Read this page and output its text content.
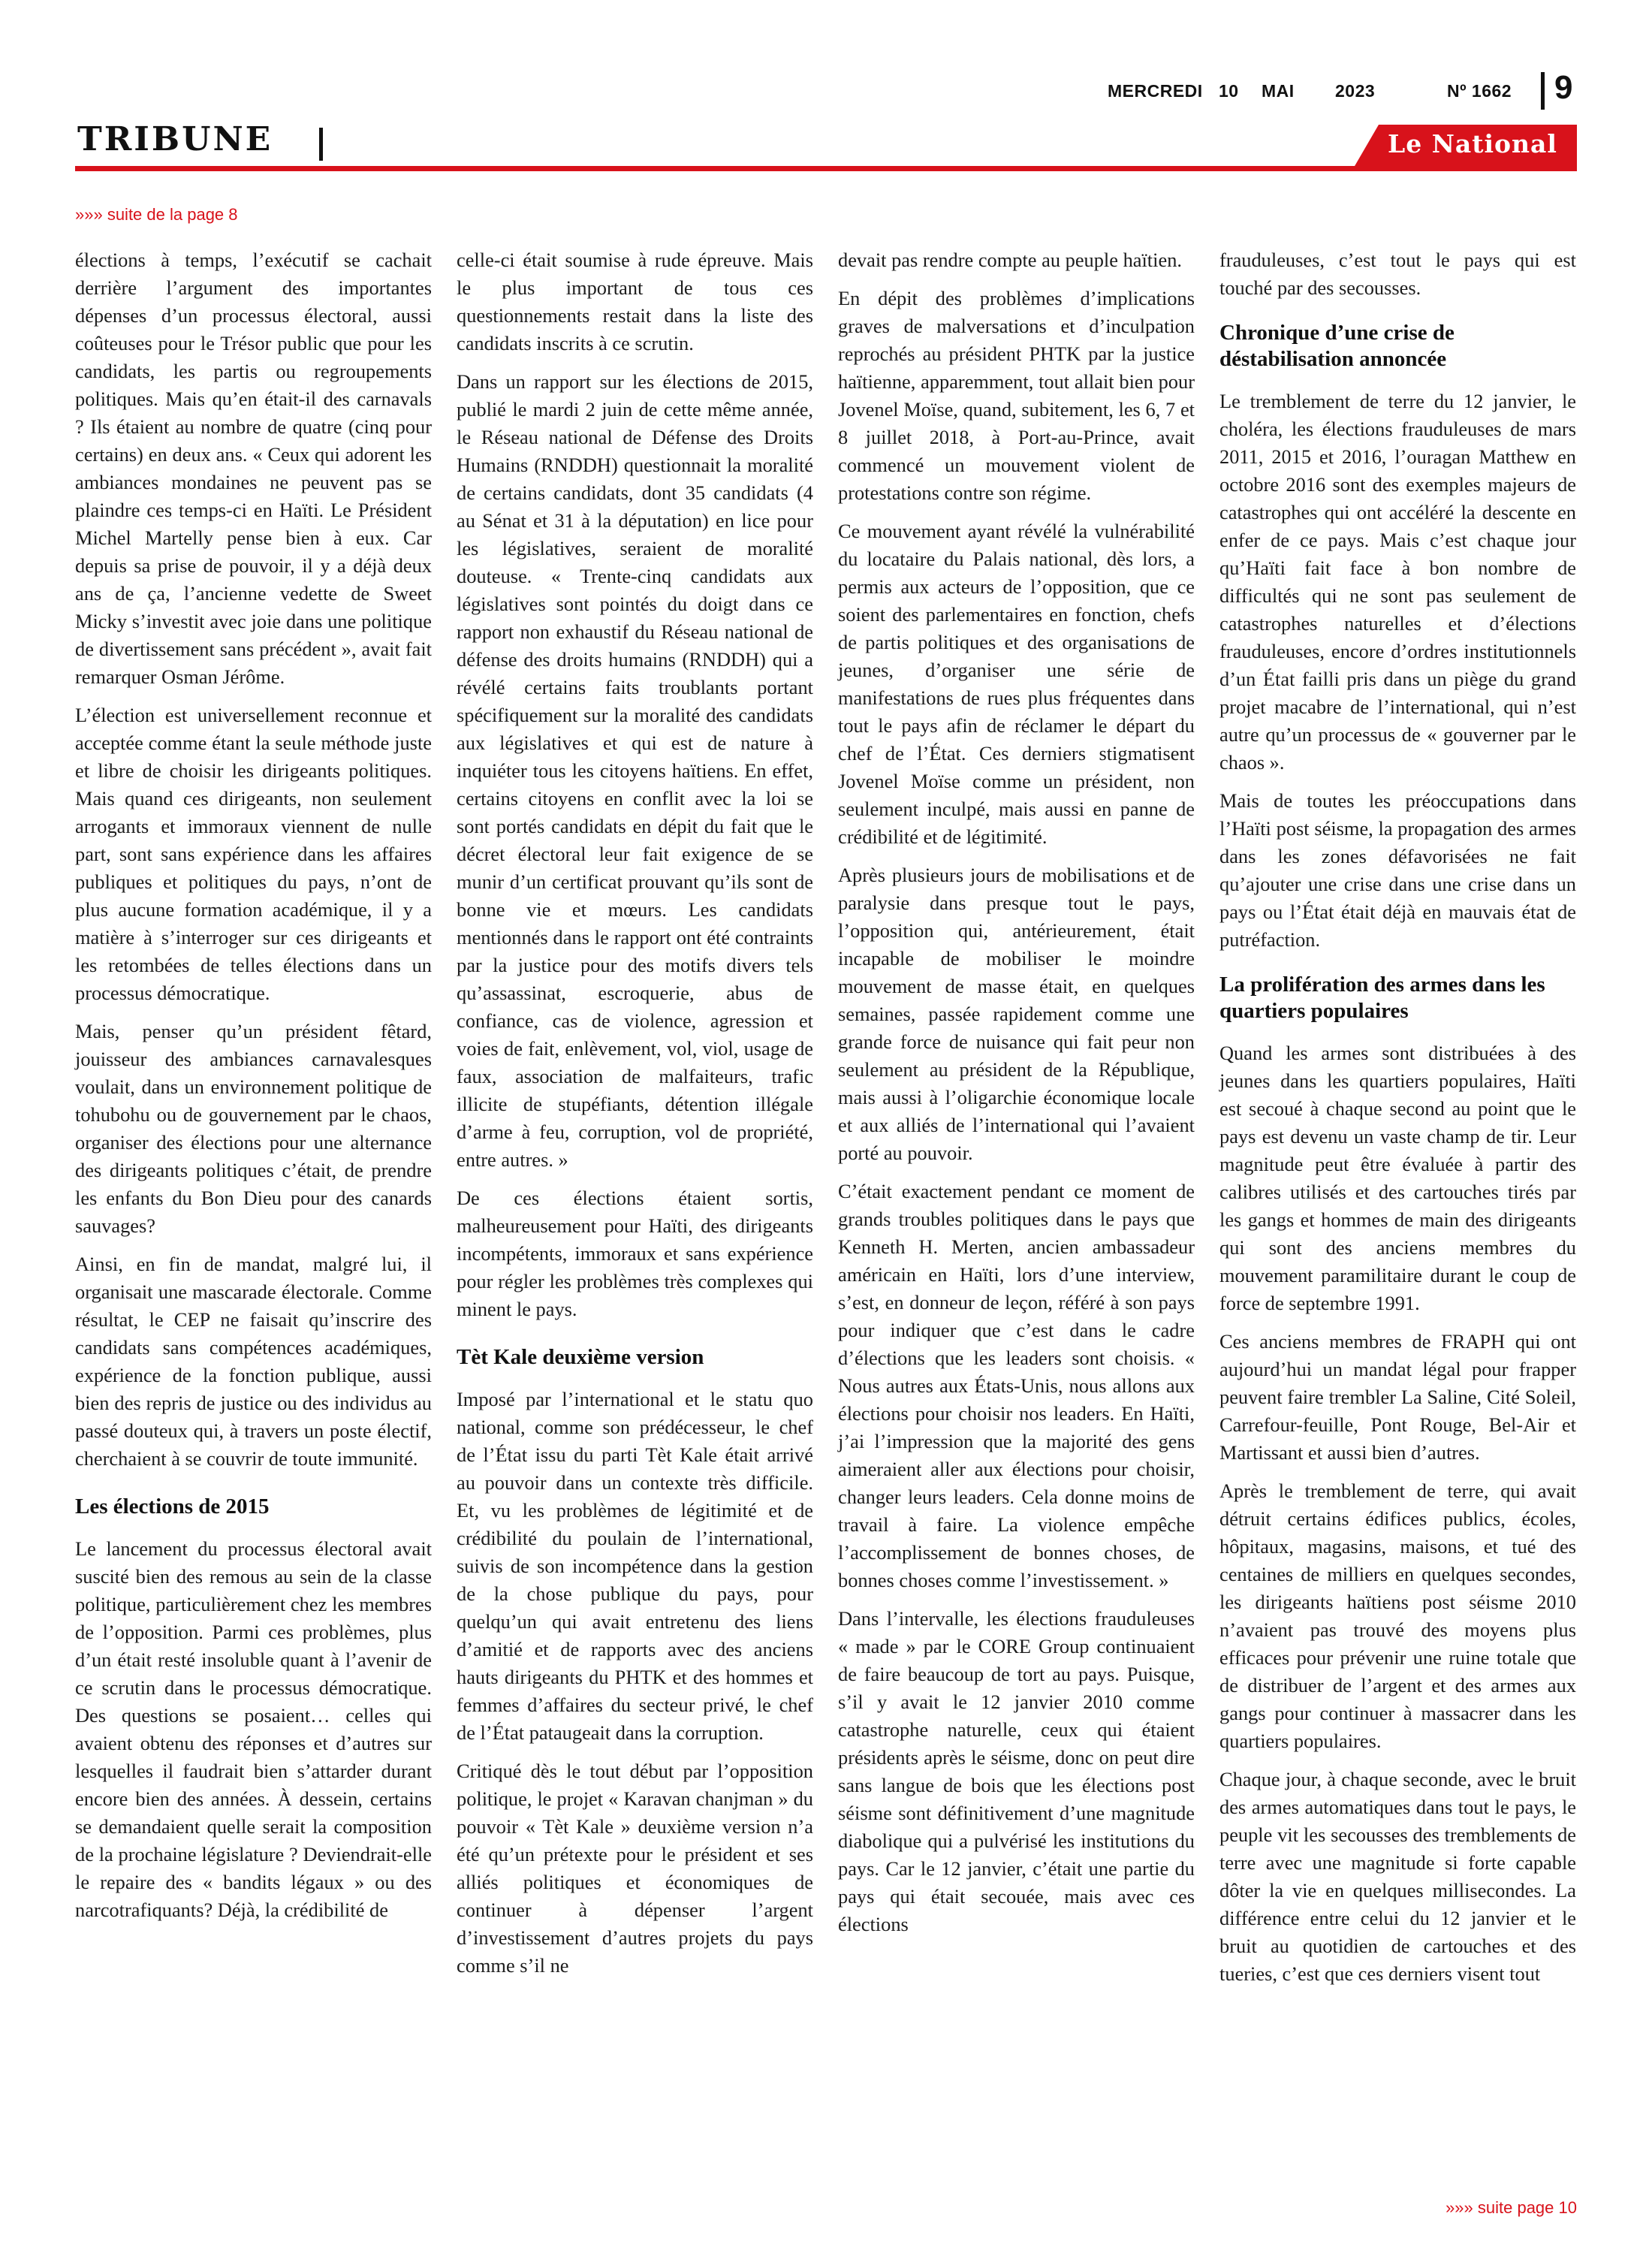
MERCREDI 10 MAI 2023	Nº 1662 9
TRIBUNE	Le National
»»» suite de la page 8

élections à temps, l’exécutif se cachait derrière l’argument des importantes dépenses d’un processus électoral, aussi coûteuses pour le Trésor public que pour les candidats, les partis ou regroupements politiques. Mais qu’en était-il des carnavals ? Ils étaient au nombre de quatre (cinq pour certains) en deux ans. « Ceux qui adorent les ambiances mondaines ne peuvent pas se plaindre ces temps-ci en Haïti. Le Président Michel Martelly pense bien à eux. Car depuis sa prise de pouvoir, il y a déjà deux ans de ça, l’ancienne vedette de Sweet Micky s’investit avec joie dans une politique de divertissement sans précédent », avait fait remarquer Osman Jérôme.

L’élection est universellement reconnue et acceptée comme étant la seule méthode juste et libre de choisir les dirigeants politiques. Mais quand ces dirigeants, non seulement arrogants et immoraux viennent de nulle part, sont sans expérience dans les affaires publiques et politiques du pays, n’ont de plus aucune formation académique, il y a matière à s’interroger sur ces dirigeants et les retombées de telles élections dans un processus démocratique.

Mais, penser qu’un président fêtard, jouisseur des ambiances carnavalesques voulait, dans un environnement politique de tohubohu ou de gouvernement par le chaos, organiser des élections pour une alternance des dirigeants politiques c’était, de prendre les enfants du Bon Dieu pour des canards sauvages?

Ainsi, en fin de mandat, malgré lui, il organisait une mascarade électorale. Comme résultat, le CEP ne faisait qu’inscrire des candidats sans compétences académiques, expérience de la fonction publique, aussi bien des repris de justice ou des individus au passé douteux qui, à travers un poste électif, cherchaient à se couvrir de toute immunité.

Les élections de 2015

Le lancement du processus électoral avait suscité bien des remous au sein de la classe politique, particulièrement chez les membres de l’opposition. Parmi ces problèmes, plus d’un était resté insoluble quant à l’avenir de ce scrutin dans le processus démocratique. Des questions se posaient… celles qui avaient obtenu des réponses et d’autres sur lesquelles il faudrait bien s’attarder durant encore bien des années. À dessein, certains se demandaient quelle serait la composition de la prochaine législature ? Deviendrait-elle le repaire des « bandits légaux » ou des narcotrafiquants? Déjà, la crédibilité de

celle-ci était soumise à rude épreuve. Mais le plus important de tous ces questionnements restait dans la liste des candidats inscrits à ce scrutin.

Dans un rapport sur les élections de 2015, publié le mardi 2 juin de cette même année, le Réseau national de Défense des Droits Humains (RNDDH) questionnait la moralité de certains candidats, dont 35 candidats (4 au Sénat et 31 à la députation) en lice pour les législatives, seraient de moralité douteuse. « Trente-cinq candidats aux législatives sont pointés du doigt dans ce rapport non exhaustif du Réseau national de défense des droits humains (RNDDH) qui a révélé certains faits troublants portant spécifiquement sur la moralité des candidats aux législatives et qui est de nature à inquiéter tous les citoyens haïtiens. En effet, certains citoyens en conflit avec la loi se sont portés candidats en dépit du fait que le décret électoral leur fait exigence de se munir d’un certificat prouvant qu’ils sont de bonne vie et mœurs. Les candidats mentionnés dans le rapport ont été contraints par la justice pour des motifs divers tels qu’assassinat, escroquerie, abus de confiance, cas de violence, agression et voies de fait, enlèvement, vol, viol, usage de faux, association de malfaiteurs, trafic illicite de stupéfiants, détention illégale d’arme à feu, corruption, vol de propriété, entre autres. »

De ces élections étaient sortis, malheureusement pour Haïti, des dirigeants incompétents, immoraux et sans expérience pour régler les problèmes très complexes qui minent le pays.

Tèt Kale deuxième version

Imposé par l’international et le statu quo national, comme son prédécesseur, le chef de l’État issu du parti Tèt Kale était arrivé au pouvoir dans un contexte très difficile. Et, vu les problèmes de légitimité et de crédibilité du poulain de l’international, suivis de son incompétence dans la gestion de la chose publique du pays, pour quelqu’un qui avait entretenu des liens d’amitié et de rapports avec des anciens hauts dirigeants du PHTK et des hommes et femmes d’affaires du secteur privé, le chef de l’État pataugeait dans la corruption.

Critiqué dès le tout début par l’opposition politique, le projet « Karavan chanjman » du pouvoir « Tèt Kale » deuxième version n’a été qu’un prétexte pour le président et ses alliés politiques et économiques de continuer à dépenser l’argent d’investissement d’autres projets du pays comme s’il ne

devait pas rendre compte au peuple haïtien.

En dépit des problèmes d’implications graves de malversations et d’inculpation reprochés au président PHTK par la justice haïtienne, apparemment, tout allait bien pour Jovenel Moïse, quand, subitement, les 6, 7 et 8 juillet 2018, à Port-au-Prince, avait commencé un mouvement violent de protestations contre son régime.

Ce mouvement ayant révélé la vulnérabilité du locataire du Palais national, dès lors, a permis aux acteurs de l’opposition, que ce soient des parlementaires en fonction, chefs de partis politiques et des organisations de jeunes, d’organiser une série de manifestations de rues plus fréquentes dans tout le pays afin de réclamer le départ du chef de l’État. Ces derniers stigmatisent Jovenel Moïse comme un président, non seulement inculpé, mais aussi en panne de crédibilité et de légitimité.

Après plusieurs jours de mobilisations et de paralysie dans presque tout le pays, l’opposition qui, antérieurement, était incapable de mobiliser le moindre mouvement de masse était, en quelques semaines, passée rapidement comme une grande force de nuisance qui fait peur non seulement au président de la République, mais aussi à l’oligarchie économique locale et aux alliés de l’international qui l’avaient porté au pouvoir.

C’était exactement pendant ce moment de grands troubles politiques dans le pays que Kenneth H. Merten, ancien ambassadeur américain en Haïti, lors d’une interview, s’est, en donneur de leçon, référé à son pays pour indiquer que c’est dans le cadre d’élections que les leaders sont choisis. « Nous autres aux États-Unis, nous allons aux élections pour choisir nos leaders. En Haïti, j’ai l’impression que la majorité des gens aimeraient aller aux élections pour choisir, changer leurs leaders. Cela donne moins de travail à faire. La violence empêche l’accomplissement de bonnes choses, de bonnes choses comme l’investissement. »

Dans l’intervalle, les élections frauduleuses « made » par le CORE Group continuaient de faire beaucoup de tort au pays. Puisque, s’il y avait le 12 janvier 2010 comme catastrophe naturelle, ceux qui étaient présidents après le séisme, donc on peut dire sans langue de bois que les élections post séisme sont définitivement d’une magnitude diabolique qui a pulvérisé les institutions du pays. Car le 12 janvier, c’était une partie du pays qui était secouée, mais avec ces élections

frauduleuses, c’est tout le pays qui est touché par des secousses.

Chronique d’une crise de déstabilisation annoncée

Le tremblement de terre du 12 janvier, le choléra, les élections frauduleuses de mars 2011, 2015 et 2016, l’ouragan Matthew en octobre 2016 sont des exemples majeurs de catastrophes qui ont accéléré la descente en enfer de ce pays. Mais c’est chaque jour qu’Haïti fait face à bon nombre de difficultés qui ne sont pas seulement de catastrophes naturelles et d’élections frauduleuses, encore d’ordres institutionnels d’un État failli pris dans un piège du grand projet macabre de l’international, qui n’est autre qu’un processus de « gouverner par le chaos ».

Mais de toutes les préoccupations dans l’Haïti post séisme, la propagation des armes dans les zones défavorisées ne fait qu’ajouter une crise dans une crise dans un pays ou l’État était déjà en mauvais état de putréfaction.

La prolifération des armes dans les quartiers populaires

Quand les armes sont distribuées à des jeunes dans les quartiers populaires, Haïti est secoué à chaque second au point que le pays est devenu un vaste champ de tir. Leur magnitude peut être évaluée à partir des calibres utilisés et des cartouches tirés par les gangs et hommes de main des dirigeants qui sont des anciens membres du mouvement paramilitaire durant le coup de force de septembre 1991.

Ces anciens membres de FRAPH qui ont aujourd’hui un mandat légal pour frapper peuvent faire trembler La Saline, Cité Soleil, Carrefour-feuille, Pont Rouge, Bel-Air et Martissant et aussi bien d’autres.

Après le tremblement de terre, qui avait détruit certains édifices publics, écoles, hôpitaux, magasins, maisons, et tué des centaines de milliers en quelques secondes, les dirigeants haïtiens post séisme 2010 n’avaient pas trouvé des moyens plus efficaces pour prévenir une ruine totale que de distribuer de l’argent et des armes aux gangs pour continuer à massacrer dans les quartiers populaires.

Chaque jour, à chaque seconde, avec le bruit des armes automatiques dans tout le pays, le peuple vit les secousses des tremblements de terre avec une magnitude si forte capable dôter la vie en quelques millisecondes. La différence entre celui du 12 janvier et le bruit au quotidien de cartouches et des tueries, c’est que ces derniers visent tout

»»» suite page 10
